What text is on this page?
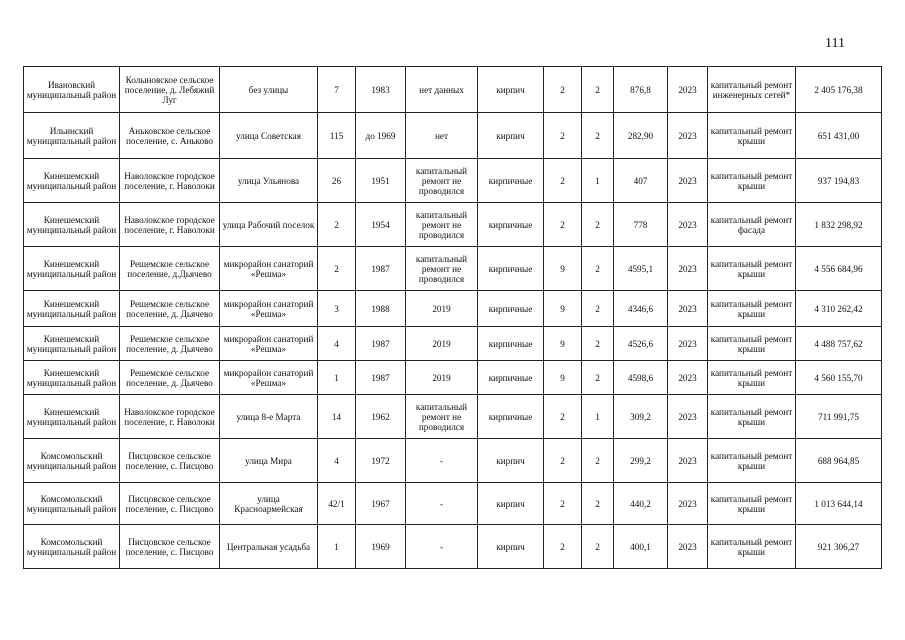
111
Ивановский муниципальный район	Колыновское сельское поселение, д. Лебяжий Луг	без улицы	7	1983	нет данных	кирпич	2	2	876,8	2023	капитальный ремонт инженерных сетей*	2 405 176,38
Ильинский муниципальный район	Аньковское сельское поселение, с. Аньково	улица Советская	115	до 1969	нет	кирпич	2	2	282,90	2023	капитальный ремонт крыши	651 431,00
Кинешемский муниципальный район	Наволокское городское поселение, г. Наволоки	улица Ульянова	26	1951	капитальный ремонт не проводился	кирпичные	2	1	407	2023	капитальный ремонт крыши	937 194,83
Кинешемский муниципальный район	Наволокское городское поселение, г. Наволоки	улица Рабочий поселок	2	1954	капитальный ремонт не проводился	кирпичные	2	2	778	2023	капитальный ремонт фасада	1 832 298,92
Кинешемский муниципальный район	Решемское сельское поселение, д.Дьячево	микрорайон санаторий «Решма»	2	1987	капитальный ремонт не проводился	кирпичные	9	2	4595,1	2023	капитальный ремонт крыши	4 556 684,96
Кинешемский муниципальный район	Решемское сельское поселение, д. Дьячево	микрорайон санаторий «Решма»	3	1988	2019	кирпичные	9	2	4346,6	2023	капитальный ремонт крыши	4 310 262,42
Кинешемский муниципальный район	Решемское сельское поселение, д. Дьячево	микрорайон санаторий «Решма»	4	1987	2019	кирпичные	9	2	4526,6	2023	капитальный ремонт крыши	4 488 757,62
Кинешемский муниципальный район	Решемское сельское поселение, д. Дьячево	микрорайон санаторий «Решма»	1	1987	2019	кирпичные	9	2	4598,6	2023	капитальный ремонт крыши	4 560 155,70
Кинешемский муниципальный район	Наволокское городское поселение, г. Наволоки	улица 8-е Марта	14	1962	капитальный ремонт не проводился	кирпичные	2	1	309,2	2023	капитальный ремонт крыши	711 991,75
Комсомольский муниципальный район	Писцовское сельское поселение, с. Писцово	улица Мира	4	1972	-	кирпич	2	2	299,2	2023	капитальный ремонт крыши	688 964,85
Комсомольский муниципальный район	Писцовское сельское поселение, с. Писцово	улица Красноармейская	42/1	1967	-	кирпич	2	2	440,2	2023	капитальный ремонт крыши	1 013 644,14
Комсомольский муниципальный район	Писцовское сельское поселение, с. Писцово	Центральная усадьба	1	1969	-	кирпич	2	2	400,1	2023	капитальный ремонт крыши	921 306,27
